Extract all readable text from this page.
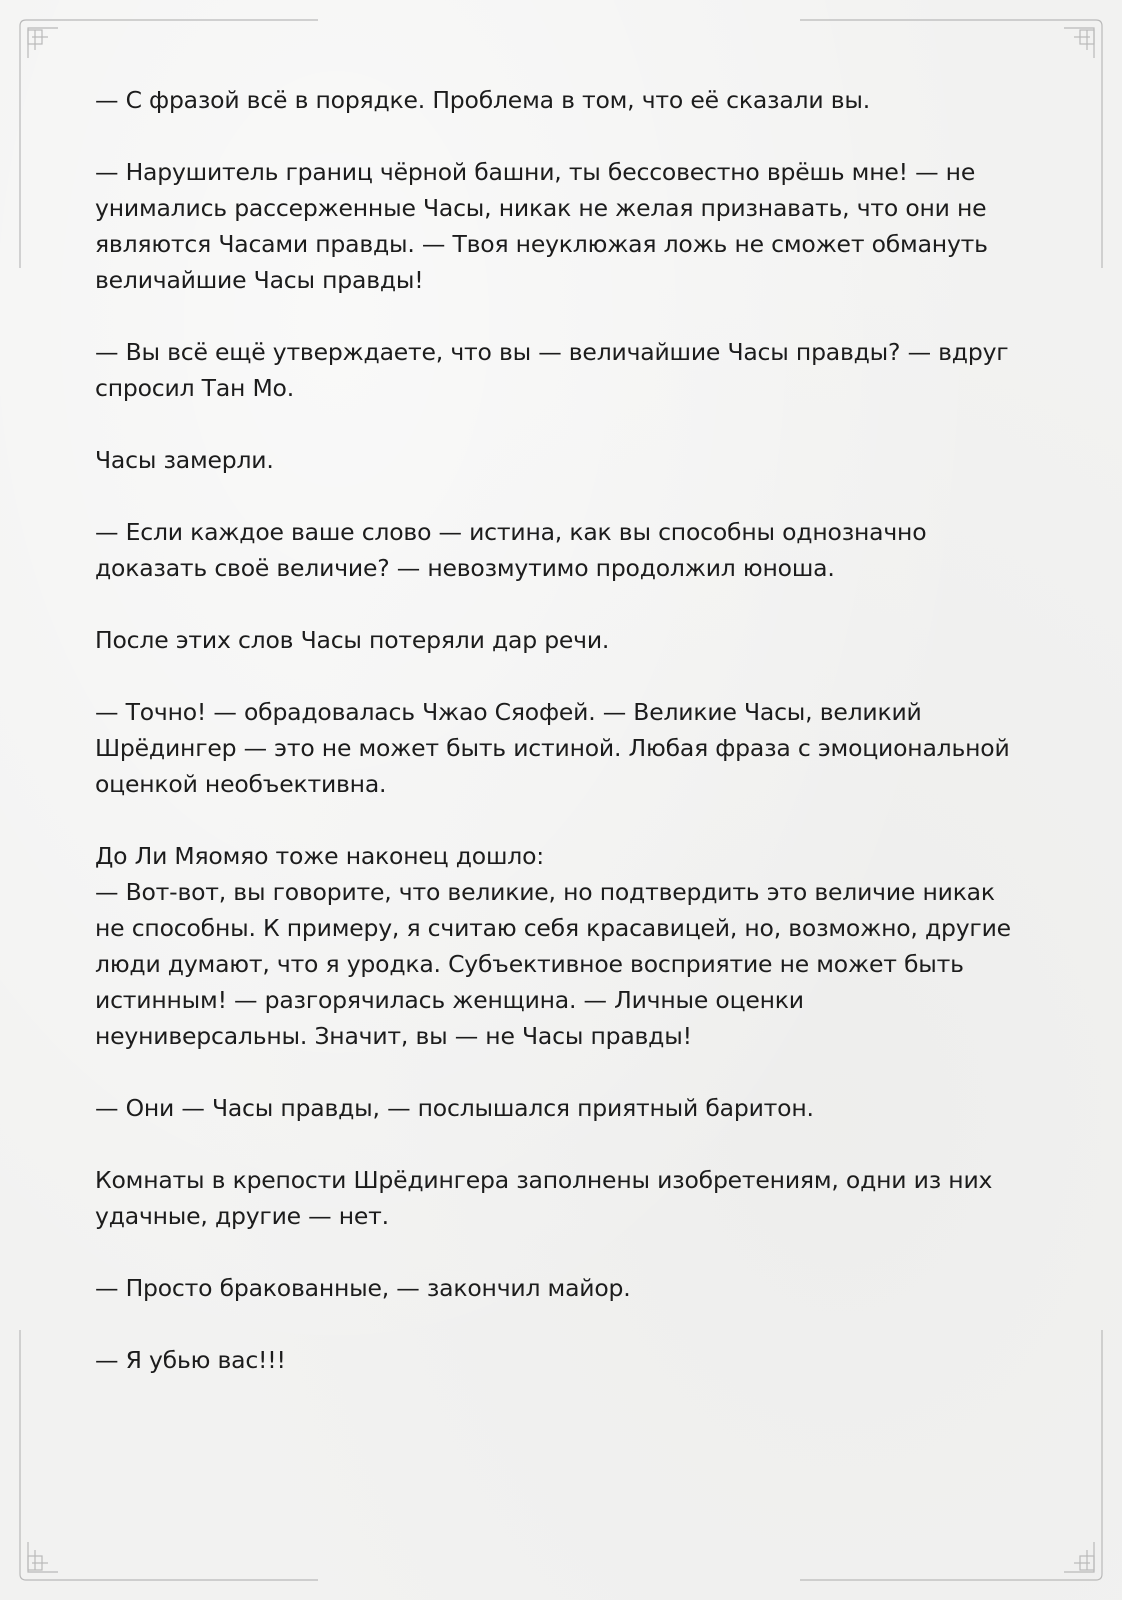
— С фразой всё в порядке. Проблема в том, что её сказали вы.

— Нарушитель границ чёрной башни, ты бессовестно врёшь мне! — не
унимались рассерженные Часы, никак не желая признавать, что они не
являются Часами правды. — Твоя неуклюжая ложь не сможет обмануть
величайшие Часы правды!

— Вы всё ещё утверждаете, что вы — величайшие Часы правды? — вдруг
спросил Тан Мо.

Часы замерли.

— Если каждое ваше слово — истина, как вы способны однозначно
доказать своё величие? — невозмутимо продолжил юноша.

После этих слов Часы потеряли дар речи.

— Точно! — обрадовалась Чжао Сяофей. — Великие Часы, великий
Шрёдингер — это не может быть истиной. Любая фраза с эмоциональной
оценкой необъективна.

До Ли Мяомяо тоже наконец дошло:
— Вот-вот, вы говорите, что великие, но подтвердить это величие никак
не способны. К примеру, я считаю себя красавицей, но, возможно, другие
люди думают, что я уродка. Субъективное восприятие не может быть
истинным! — разгорячилась женщина. — Личные оценки
неуниверсальны. Значит, вы — не Часы правды!

— Они — Часы правды, — послышался приятный баритон.

Комнаты в крепости Шрёдингера заполнены изобретениям, одни из них
удачные, другие — нет.

— Просто бракованные, — закончил майор.

— Я убью вас!!!
